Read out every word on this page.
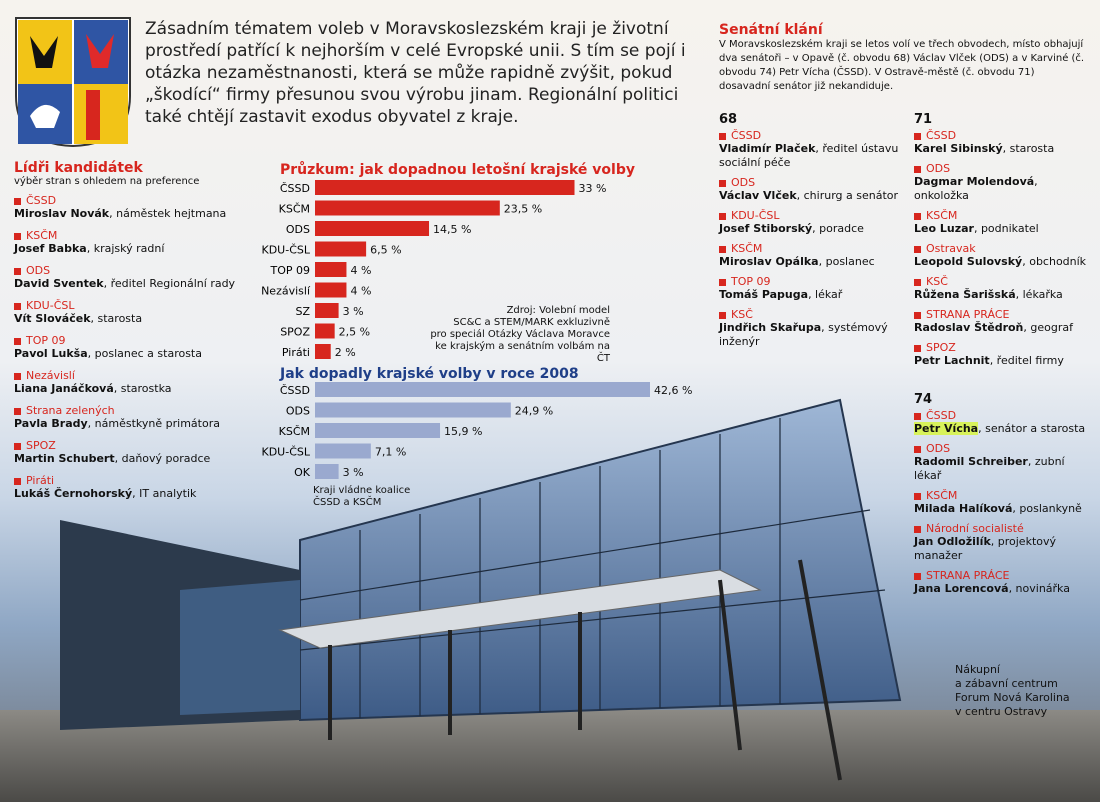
Zásadním tématem voleb v Moravskoslezském kraji je životní prostředí patřící k nejhorším v celé Evropské unii. S tím se pojí i otázka nezaměstnanosti, která se může rapidně zvýšit, pokud „škodící“ firmy přesunou svou výrobu jinam. Regionální politici také chtějí zastavit exodus obyvatel z kraje.
Lídři kandidátek
výběr stran s ohledem na preference
ČSSD
Miroslav Novák, náměstek hejtmana
KSČM
Josef Babka, krajský radní
ODS
David Sventek, ředitel Regionální rady
KDU-ČSL
Vít Slováček, starosta
TOP 09
Pavol Lukša, poslanec a starosta
Nezávislí
Liana Janáčková, starostka
Strana zelených
Pavla Brady, náměstkyně primátora
SPOZ
Martin Schubert, daňový poradce
Piráti
Lukáš Černohorský, IT analytik
Průzkum: jak dopadnou letošní krajské volby
ČSSD	33 %
KSČM	23,5 %
ODS	14,5 %
KDU-ČSL	6,5 %
TOP 09	4 %
Nezávislí	4 %
SZ	3 %
SPOZ	2,5 %
Piráti 2 %
Jak dopadly krajské volby v roce 2008
ČSSD	42,6 %
ODS	24,9 %
KSČM	15,9 %
KDU-ČSL	7,1 %
OK	3 %
Zdroj: Volební model
SC&C a STEM/MARK exkluzivně
pro speciál Otázky Václava Moravce
ke krajským a senátním volbám na ČT
Kraji vládne koalice
ČSSD a KSČM
Senátní klání
V Moravskoslezském kraji se letos volí ve třech obvodech, místo obhajují dva senátoři – v Opavě (č. obvodu 68) Václav Vlček (ODS) a v Karviné (č. obvodu 74) Petr Vícha (ČSSD). V Ostravě-městě (č. obvodu 71) dosavadní senátor již nekandiduje.
68
ČSSD
Vladimír Plaček, ředitel ústavu sociální péče
ODS
Václav Vlček, chirurg a senátor
KDU-ČSL
Josef Stiborský, poradce
KSČM
Miroslav Opálka, poslanec
TOP 09
Tomáš Papuga, lékař
KSČ
Jindřich Skařupa, systémový inženýr
71
ČSSD
Karel Sibinský, starosta
ODS
Dagmar Molendová, onkoložka
KSČM
Leo Luzar, podnikatel
Ostravak
Leopold Sulovský, obchodník
KSČ
Růžena Šarišská, lékařka
STRANA PRÁCE
Radoslav Štědroň, geograf
SPOZ
Petr Lachnit, ředitel firmy
74
ČSSD
Petr Vícha, senátor a starosta
ODS
Radomil Schreiber, zubní lékař
KSČM
Milada Halíková, poslankyně
Národní socialisté
Jan Odložilík, projektový manažer
STRANA PRÁCE
Jana Lorencová, novinářka
Nákupní
a zábavní centrum
Forum Nová Karolina
v centru Ostravy
